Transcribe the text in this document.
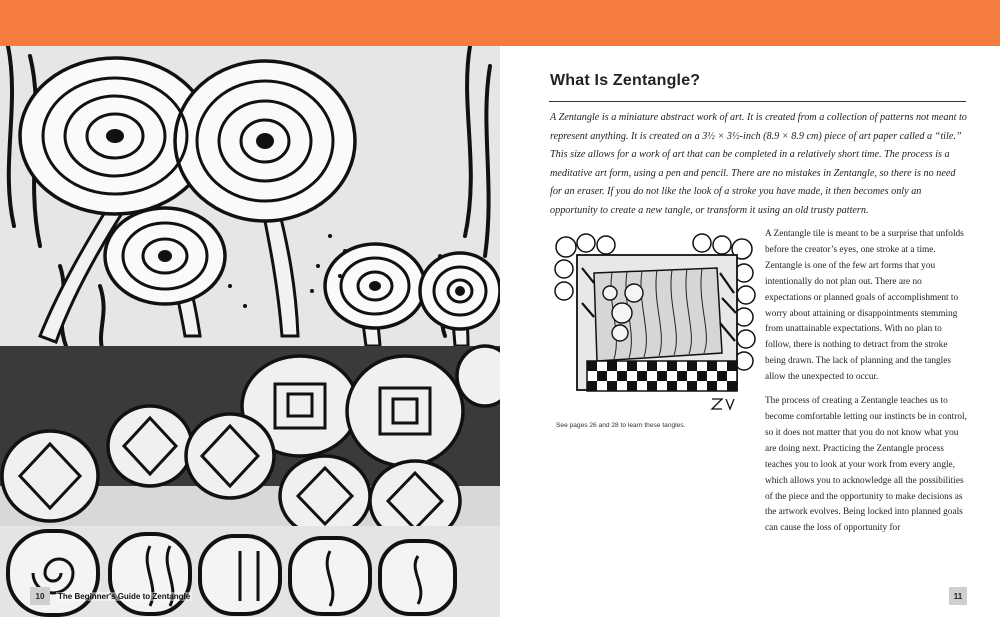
10	The Beginner's Guide to Zentangle
What Is Zentangle?

A Zentangle is a miniature abstract work of art. It is created from a collection of patterns not meant to represent anything. It is created on a 3½ × 3½-inch (8.9 × 8.9 cm) piece of art paper called a “tile.” This size allows for a work of art that can be completed in a relatively short time. The process is a meditative art form, using a pen and pencil. There are no mistakes in Zentangle, so there is no need for an eraser. If you do not like the look of a stroke you have made, it then becomes only an opportunity to create a new tangle, or transform it using an old trusty pattern.

See pages 26 and 28 to learn these tangles.

A Zentangle tile is meant to be a surprise that unfolds before the creator’s eyes, one stroke at a time. Zentangle is one of the few art forms that you intentionally do not plan out. There are no expectations or planned goals of accomplishment to worry about attaining or disappointments stemming from unattainable expectations. With no plan to follow, there is nothing to detract from the stroke being drawn. The lack of planning and the tangles allow the unexpected to occur.

The process of creating a Zentangle teaches us to become comfortable letting our instincts be in control, so it does not matter that you do not know what you are doing next. Practicing the Zentangle process teaches you to look at your work from every angle, which allows you to acknowledge all the possibilities of the piece and the opportunity to make decisions as the artwork evolves. Being locked into planned goals can cause the loss of opportunity for

11
